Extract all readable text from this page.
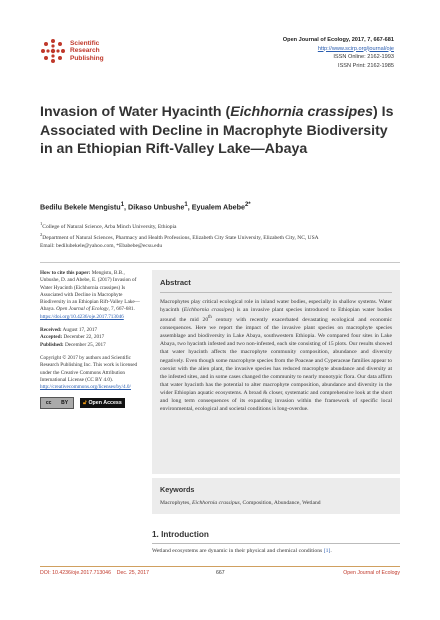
Scientific
Research
Publishing
Open Journal of Ecology, 2017, 7, 667-681
http://www.scirp.org/journal/oje
ISSN Online: 2162-1993
ISSN Print: 2162-1985
Invasion of Water Hyacinth (Eichhornia crassipes) Is Associated with Decline in Macrophyte Biodiversity in an Ethiopian Rift-Valley Lake—Abaya
Bedilu Bekele Mengistu$^1$, Dikaso Unbushe$^1$, Eyualem Abebe$^{2*}$
$^1$College of Natural Science, Arba Minch University, Ethiopia
$^2$Department of Natural Sciences, Pharmacy and Health Professions, Elizabeth City State University, Elizabeth City, NC, USA
Email: bedilubekele@yahoo.com, *Ebabebe@ecsu.edu

How to cite this paper: Mengistu, B.B., Unbushe, D. and Abebe, E. (2017) Invasion of Water Hyacinth (Eichhornia crassipes) Is Associated with Decline in Macrophyte Biodiversity in an Ethiopian Rift-Valley Lake—Abaya. Open Journal of Ecology, 7, 667-681.
https://doi.org/10.4236/oje.2017.713046

Received: August 17, 2017
Accepted: December 22, 2017
Published: December 25, 2017

Copyright © 2017 by authors and Scientific Research Publishing Inc. This work is licensed under the Creative Commons Attribution International License (CC BY 4.0).
http://creativecommons.org/licenses/by/4.0/

cc BY	🔓︎ Open Access
Abstract
Macrophytes play critical ecological role in inland water bodies, especially in shallow systems. Water hyacinth (Eichhornia crassipes) is an invasive plant species introduced to Ethiopian water bodies around the mid 20th century with recently exacerbated devastating ecological and economic consequences. Here we report the impact of the invasive plant species on macrophyte species assemblage and biodiversity in Lake Abaya, southwestern Ethiopia. We compared four sites in Lake Abaya, two hyacinth infested and two non-infested, each site consisting of 15 plots. Our results showed that water hyacinth affects the macrophyte community composition, abundance and diversity negatively. Even though some macrophyte species from the Poaceae and Cyperaceae families appear to coexist with the alien plant, the invasive species has reduced macrophyte abundance and diversity at the infested sites, and in some cases changed the community to nearly monotypic flora. Our data affirm that water hyacinth has the potential to alter macrophyte composition, abundance and diversity in the wider Ethiopian aquatic ecosystems. A broad & closer, systematic and comprehensive look at the short and long term consequences of its expanding invasion within the framework of specific local environmental, ecological and societal conditions is long-overdue.
Keywords
Macrophytes, Eichhornia crassipus, Composition, Abundance, Wetland
1. Introduction
Wetland ecosystems are dynamic in their physical and chemical conditions [1].
DOI: 10.4236/oje.2017.713046 Dec. 25, 2017	667	Open Journal of Ecology
